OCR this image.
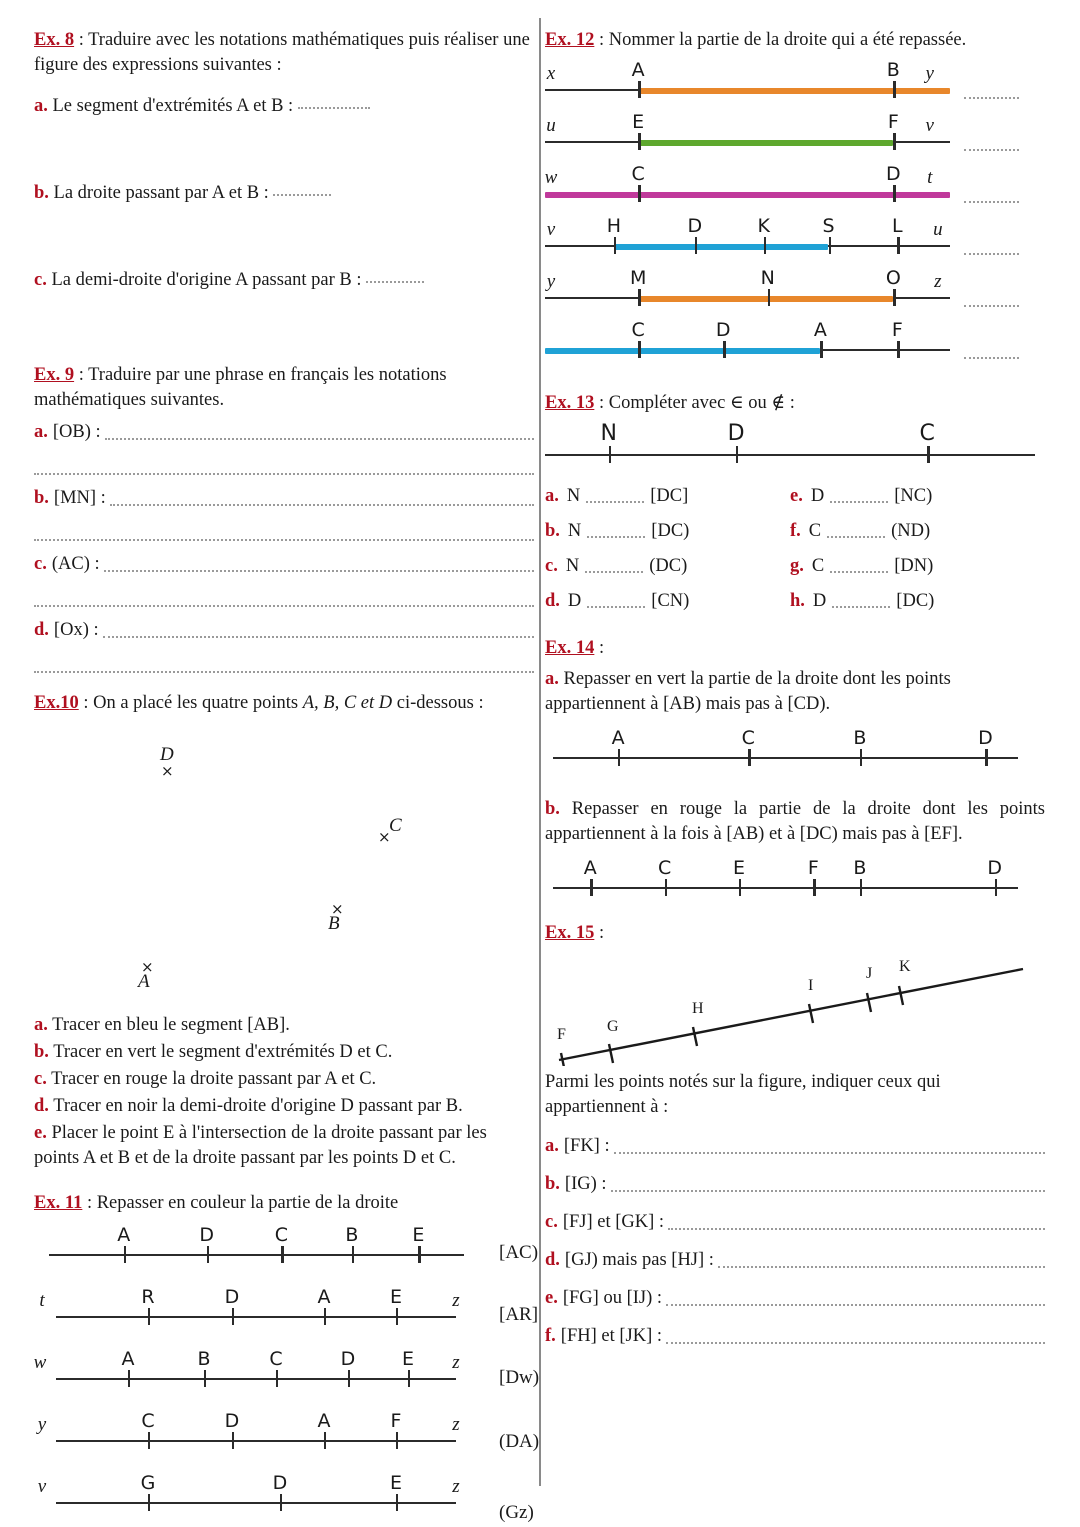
Ex. 8 : Traduire avec les notations mathématiques puis réaliser une figure des expressions suivantes :

a. Le segment d'extrémités A et B :

b. La droite passant par A et B :

c. La demi-droite d'origine A passant par B :

Ex. 9 : Traduire par une phrase en français les notations mathématiques suivantes.

a. [OB) :
b. [MN] :
c. (AC) :
d. [Ox) :

Ex.10 : On a placé les quatre points A, B, C et D ci-dessous :

×
D
×
C
×
B
×
A

a. Tracer en bleu le segment [AB].

b. Tracer en vert le segment d'extrémités D et C.

c. Tracer en rouge la droite passant par A et C.

d. Tracer en noir la demi-droite d'origine D passant par B.

e. Placer le point E à l'intersection de la droite passant par les points A et B et de la droite passant par les points D et C.

Ex. 11 : Repasser en couleur la partie de la droite

A	D	C	B	E
[AC)
t	z
R	D	A	E
[AR]
w	z
A	B	C	D E
[Dw)
y	z
C	D	A	F
(DA)
v	z
G	D	E
(Gz)

Ex. 12 : Nommer la partie de la droite qui a été repassée.

x	y
A	B
u	v
E	F
w	t
C	D
v	u
H	D	K	S	L
y	z
M	N	O
C	D	A	F

Ex. 13 : Compléter avec ∈ ou ∉ :

N	D	C
a. N	[DC]	e. D	[NC)
b. N	[DC)	f. C	(ND)
c. N	(DC)	g. C	[DN)
d. D	[CN)	h. D	[DC)

Ex. 14 :

a. Repasser en vert la partie de la droite dont les points appartiennent à [AB) mais pas à [CD).

A	C	B	D

b. Repasser en rouge la partie de la droite dont les points appartiennent à la fois à [AB) et à [DC) mais pas à [EF].

A	C	E	F B	D

Ex. 15 :

F	G
H
I
J K

Parmi les points notés sur la figure, indiquer ceux qui appartiennent à :

a. [FK] :
b. [IG) :
c. [FJ] et [GK] :
d. [GJ) mais pas [HJ] :
e. [FG] ou [IJ) :
f. [FH] et [JK] :
